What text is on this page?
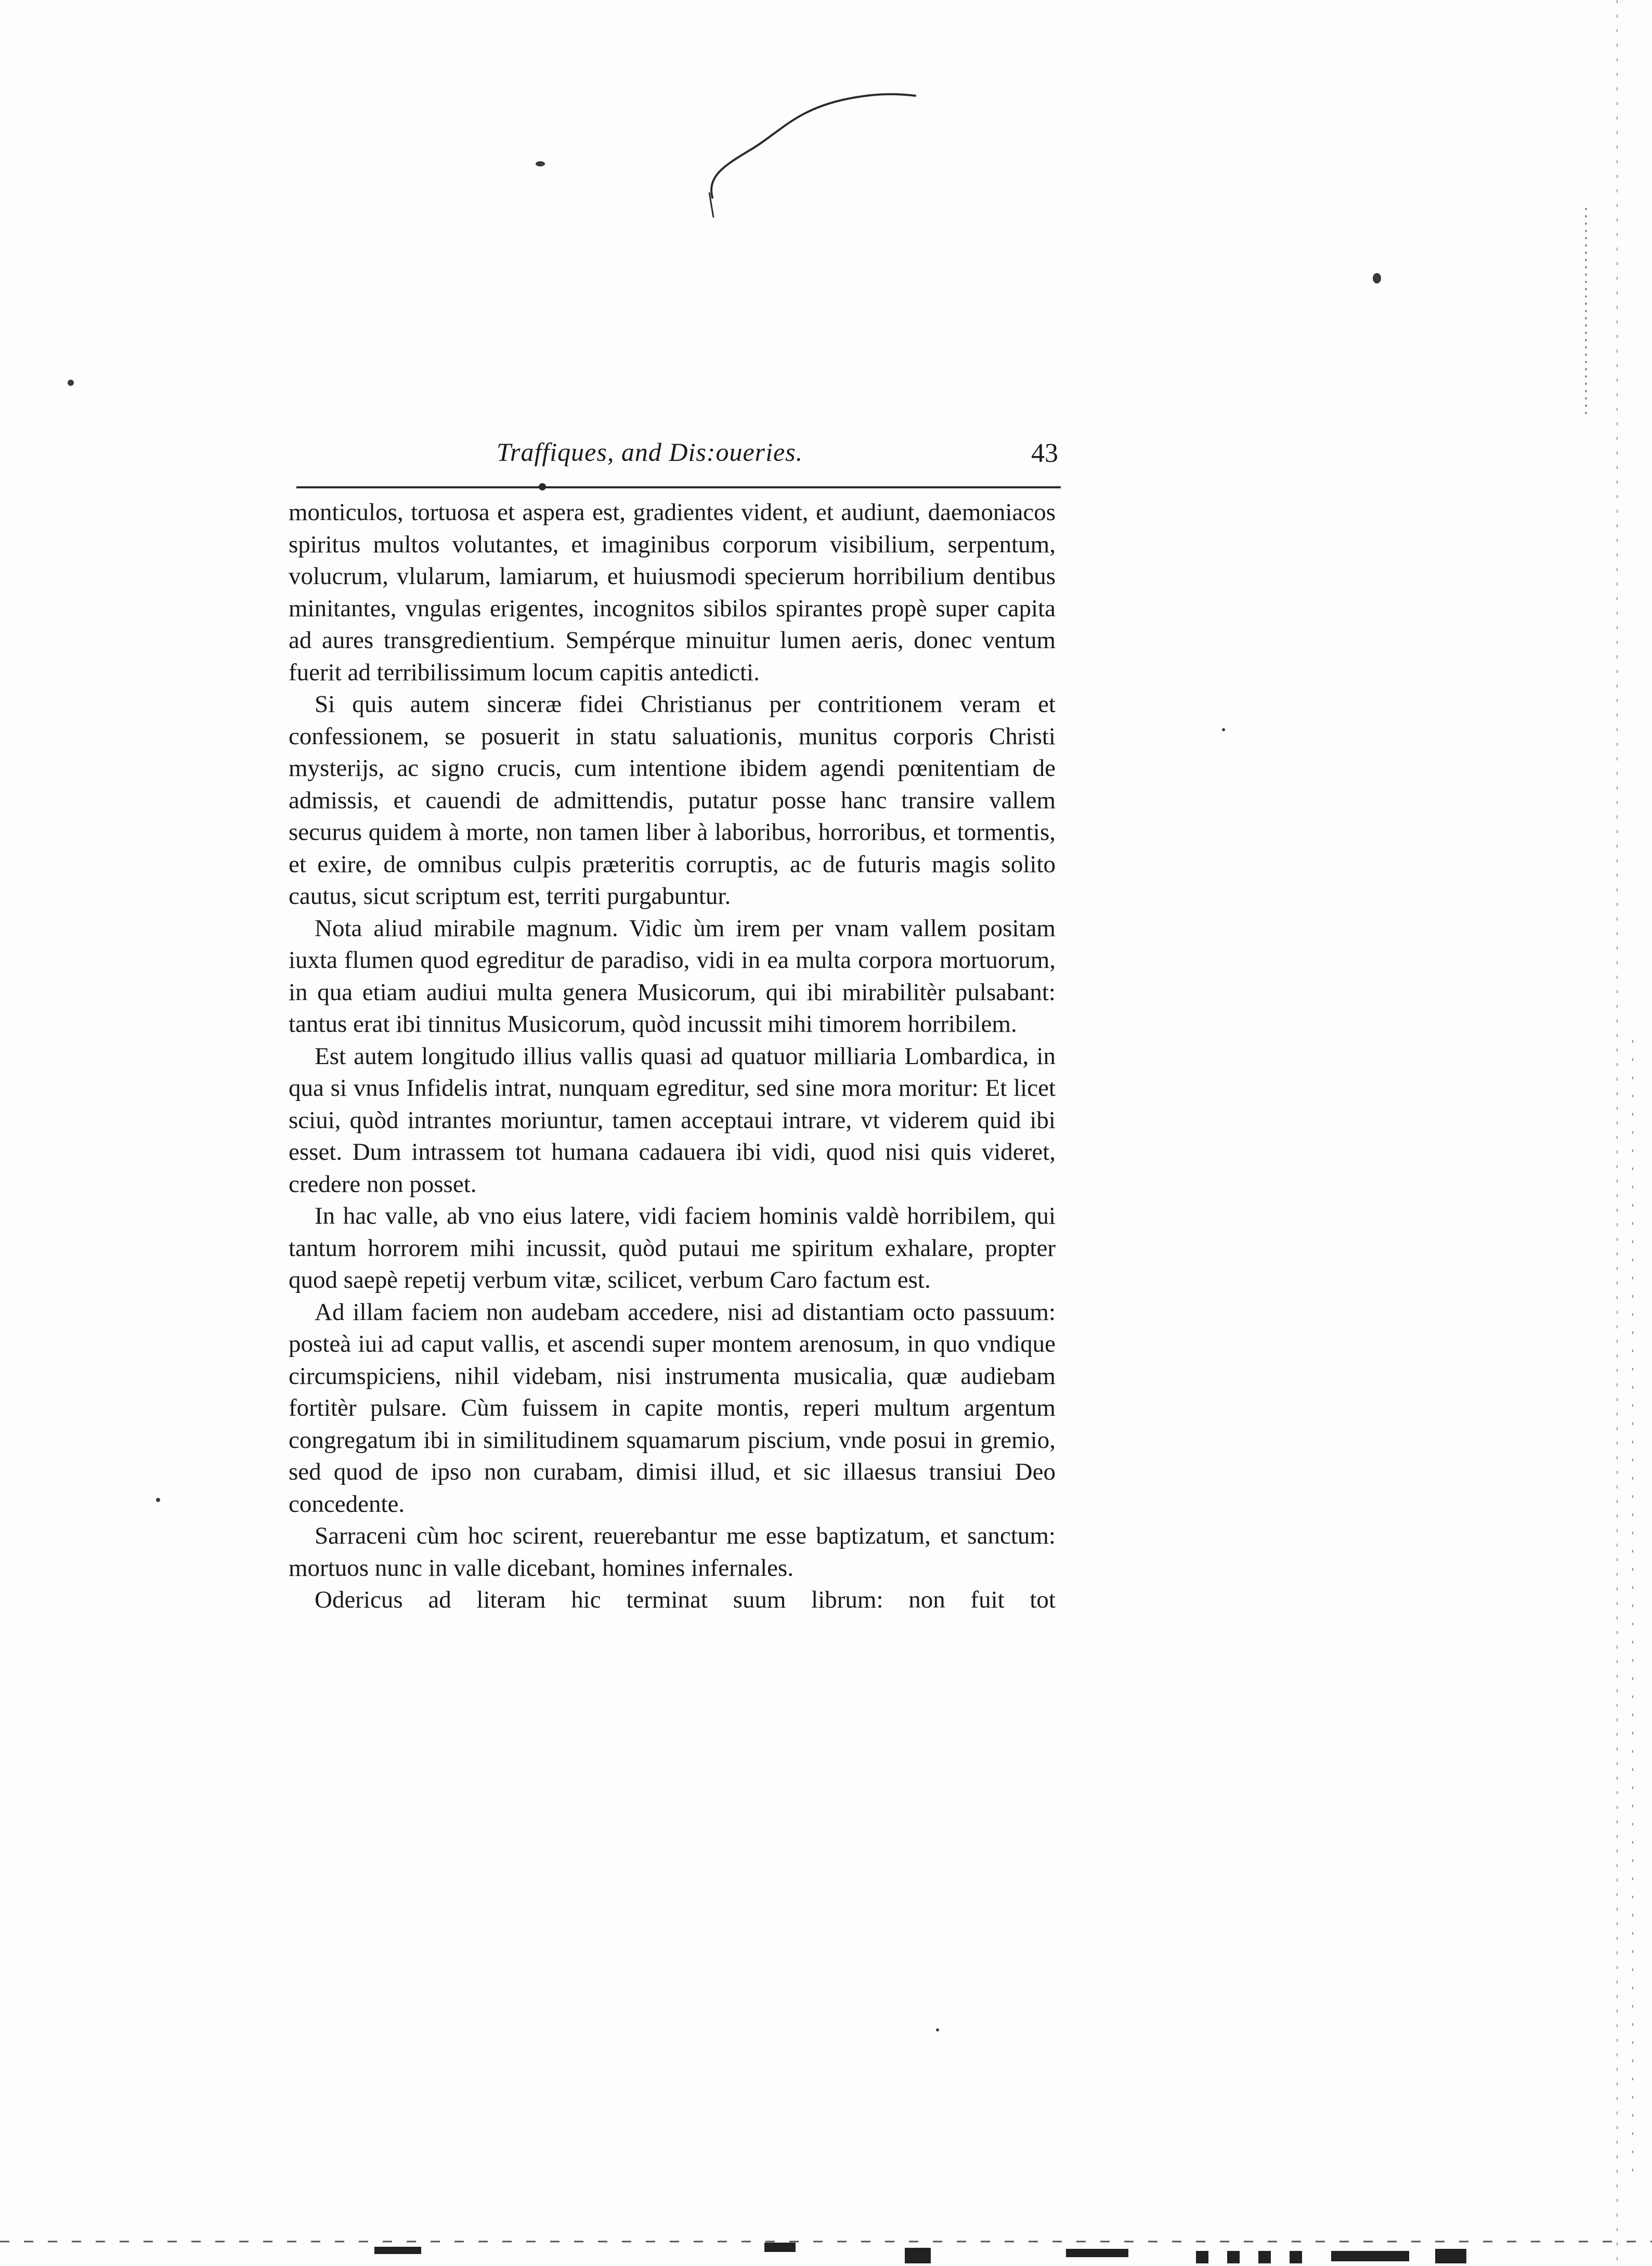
Traffiques, and Dis:oueries.	43

monticulos, tortuosa et aspera est, gradientes vident, et audiunt, daemoniacos spiritus multos volutantes, et imaginibus corporum visibilium, serpentum, volucrum, vlularum, lamiarum, et huiusmodi specierum horribilium dentibus minitantes, vngulas erigentes, incognitos sibilos spirantes propè super capita ad aures transgredientium. Sempérque minuitur lumen aeris, donec ventum fuerit ad terribilissimum locum capitis antedicti.

Si quis autem sinceræ fidei Christianus per contritionem veram et confessionem, se posuerit in statu saluationis, munitus corporis Christi mysterijs, ac signo crucis, cum intentione ibidem agendi pœnitentiam de admissis, et cauendi de admittendis, putatur posse hanc transire vallem securus quidem à morte, non tamen liber à laboribus, horroribus, et tormentis, et exire, de omnibus culpis præteritis corruptis, ac de futuris magis solito cautus, sicut scriptum est, territi purgabuntur.

Nota aliud mirabile magnum. Vidic ùm irem per vnam vallem positam iuxta flumen quod egreditur de paradiso, vidi in ea multa corpora mortuorum, in qua etiam audiui multa genera Musicorum, qui ibi mirabilitèr pulsabant: tantus erat ibi tinnitus Musicorum, quòd incussit mihi timorem horribilem.

Est autem longitudo illius vallis quasi ad quatuor milliaria Lombardica, in qua si vnus Infidelis intrat, nunquam egreditur, sed sine mora moritur: Et licet sciui, quòd intrantes moriuntur, tamen acceptaui intrare, vt viderem quid ibi esset. Dum intrassem tot humana cadauera ibi vidi, quod nisi quis videret, credere non posset.

In hac valle, ab vno eius latere, vidi faciem hominis valdè horribilem, qui tantum horrorem mihi incussit, quòd putaui me spiritum exhalare, propter quod saepè repetij verbum vitæ, scilicet, verbum Caro factum est.

Ad illam faciem non audebam accedere, nisi ad distantiam octo passuum: posteà iui ad caput vallis, et ascendi super montem arenosum, in quo vndique circumspiciens, nihil videbam, nisi instrumenta musicalia, quæ audiebam fortitèr pulsare. Cùm fuissem in capite montis, reperi multum argentum congregatum ibi in similitudinem squamarum piscium, vnde posui in gremio, sed quod de ipso non curabam, dimisi illud, et sic illaesus transiui Deo concedente.

Sarraceni cùm hoc scirent, reuerebantur me esse baptizatum, et sanctum: mortuos nunc in valle dicebant, homines infernales.

Odericus ad literam hic terminat suum librum: non fuit tot
